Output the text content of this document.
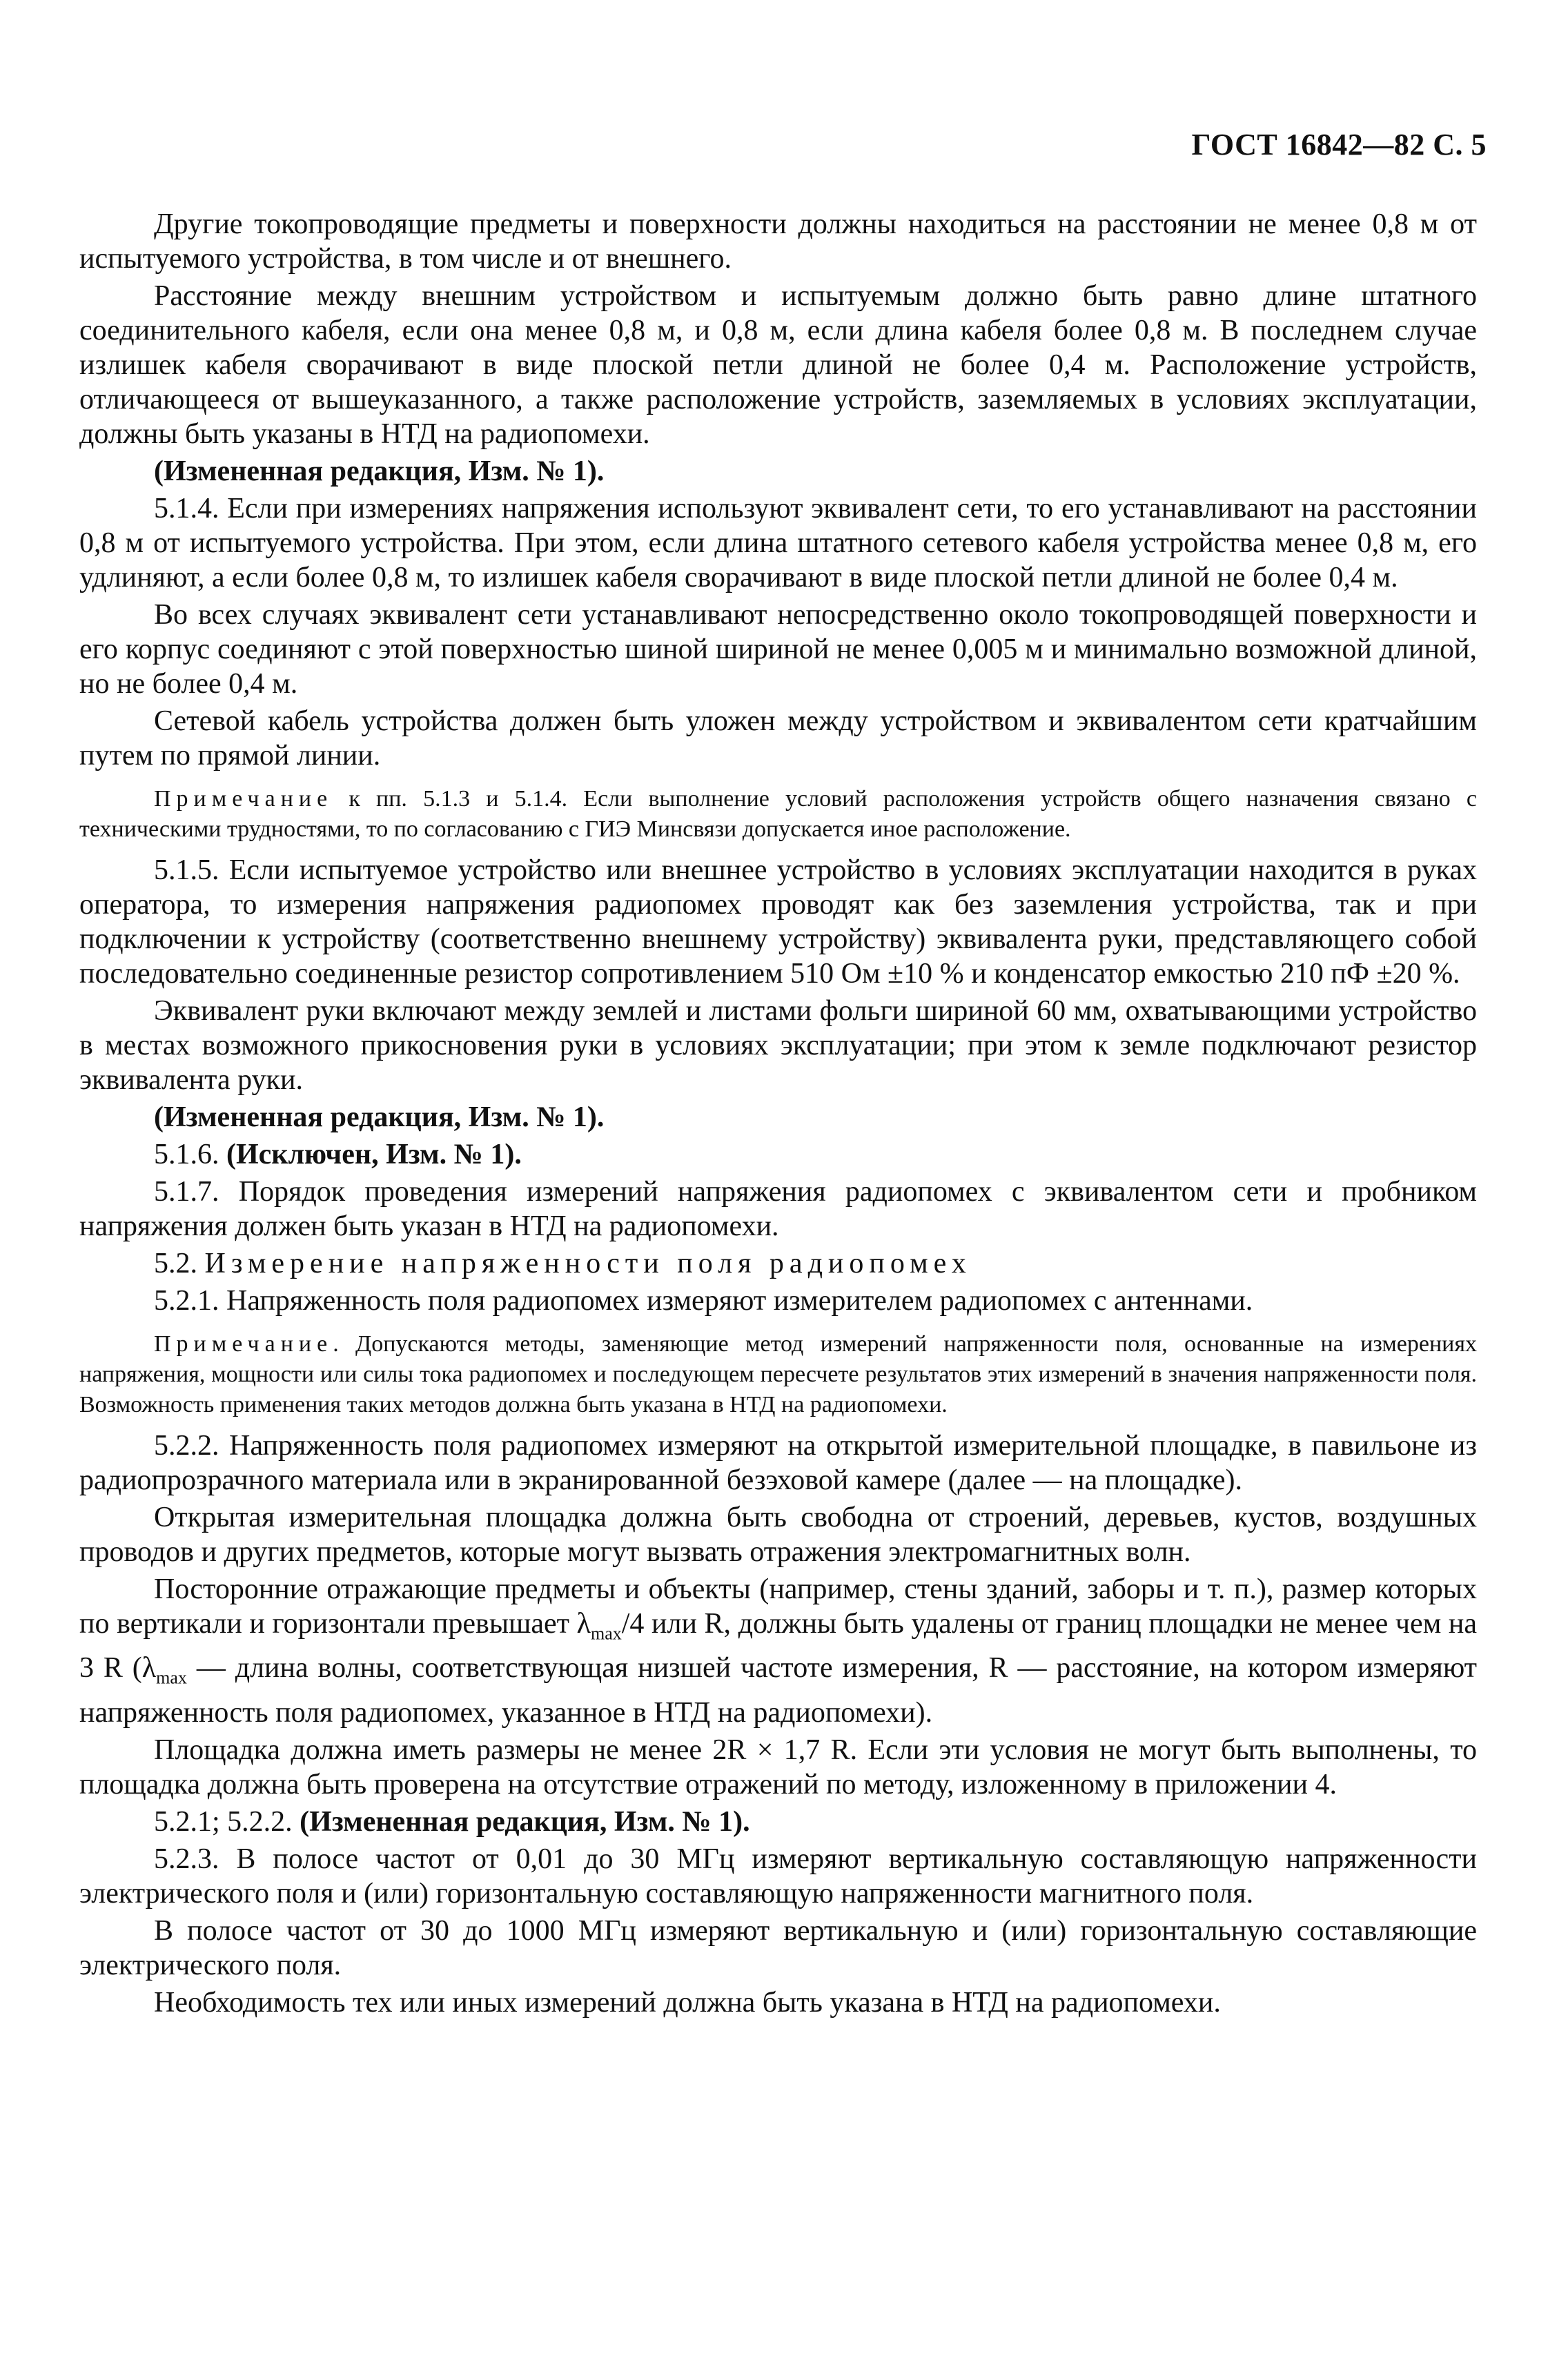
ГОСТ 16842—82 С. 5

Другие токопроводящие предметы и поверхности должны находиться на расстоянии не менее 0,8 м от испытуемого устройства, в том числе и от внешнего.

Расстояние между внешним устройством и испытуемым должно быть равно длине штатного соединительного кабеля, если она менее 0,8 м, и 0,8 м, если длина кабеля более 0,8 м. В последнем случае излишек кабеля сворачивают в виде плоской петли длиной не более 0,4 м. Расположение устройств, отличающееся от вышеуказанного, а также расположение устройств, заземляемых в условиях эксплуатации, должны быть указаны в НТД на радиопомехи.

(Измененная редакция, Изм. № 1).

5.1.4. Если при измерениях напряжения используют эквивалент сети, то его устанавливают на расстоянии 0,8 м от испытуемого устройства. При этом, если длина штатного сетевого кабеля устройства менее 0,8 м, его удлиняют, а если более 0,8 м, то излишек кабеля сворачивают в виде плоской петли длиной не более 0,4 м.

Во всех случаях эквивалент сети устанавливают непосредственно около токопроводящей поверхности и его корпус соединяют с этой поверхностью шиной шириной не менее 0,005 м и минимально возможной длиной, но не более 0,4 м.

Сетевой кабель устройства должен быть уложен между устройством и эквивалентом сети кратчайшим путем по прямой линии.

Примечание к пп. 5.1.3 и 5.1.4. Если выполнение условий расположения устройств общего назначения связано с техническими трудностями, то по согласованию с ГИЭ Минсвязи допускается иное расположение.

5.1.5. Если испытуемое устройство или внешнее устройство в условиях эксплуатации находится в руках оператора, то измерения напряжения радиопомех проводят как без заземления устройства, так и при подключении к устройству (соответственно внешнему устройству) эквивалента руки, представляющего собой последовательно соединенные резистор сопротивлением 510 Ом ±10 % и конденсатор емкостью 210 пФ ±20 %.

Эквивалент руки включают между землей и листами фольги шириной 60 мм, охватывающими устройство в местах возможного прикосновения руки в условиях эксплуатации; при этом к земле подключают резистор эквивалента руки.

(Измененная редакция, Изм. № 1).

5.1.6. (Исключен, Изм. № 1).

5.1.7. Порядок проведения измерений напряжения радиопомех с эквивалентом сети и пробником напряжения должен быть указан в НТД на радиопомехи.

5.2. Измерение напряженности поля радиопомех

5.2.1. Напряженность поля радиопомех измеряют измерителем радиопомех с антеннами.

Примечание. Допускаются методы, заменяющие метод измерений напряженности поля, основанные на измерениях напряжения, мощности или силы тока радиопомех и последующем пересчете результатов этих измерений в значения напряженности поля. Возможность применения таких методов должна быть указана в НТД на радиопомехи.

5.2.2. Напряженность поля радиопомех измеряют на открытой измерительной площадке, в павильоне из радиопрозрачного материала или в экранированной безэховой камере (далее — на площадке).

Открытая измерительная площадка должна быть свободна от строений, деревьев, кустов, воздушных проводов и других предметов, которые могут вызвать отражения электромагнитных волн.

Посторонние отражающие предметы и объекты (например, стены зданий, заборы и т. п.), размер которых по вертикали и горизонтали превышает $\lambda_{max}/4$ или R, должны быть удалены от границ площадки не менее чем на 3 R ($\lambda_{max}$ — длина волны, соответствующая низшей частоте измерения, R — расстояние, на котором измеряют напряженность поля радиопомех, указанное в НТД на радиопомехи).

Площадка должна иметь размеры не менее 2R × 1,7 R. Если эти условия не могут быть выполнены, то площадка должна быть проверена на отсутствие отражений по методу, изложенному в приложении 4.

5.2.1; 5.2.2. (Измененная редакция, Изм. № 1).

5.2.3. В полосе частот от 0,01 до 30 МГц измеряют вертикальную составляющую напряженности электрического поля и (или) горизонтальную составляющую напряженности магнитного поля.

В полосе частот от 30 до 1000 МГц измеряют вертикальную и (или) горизонтальную составляющие электрического поля.

Необходимость тех или иных измерений должна быть указана в НТД на радиопомехи.
